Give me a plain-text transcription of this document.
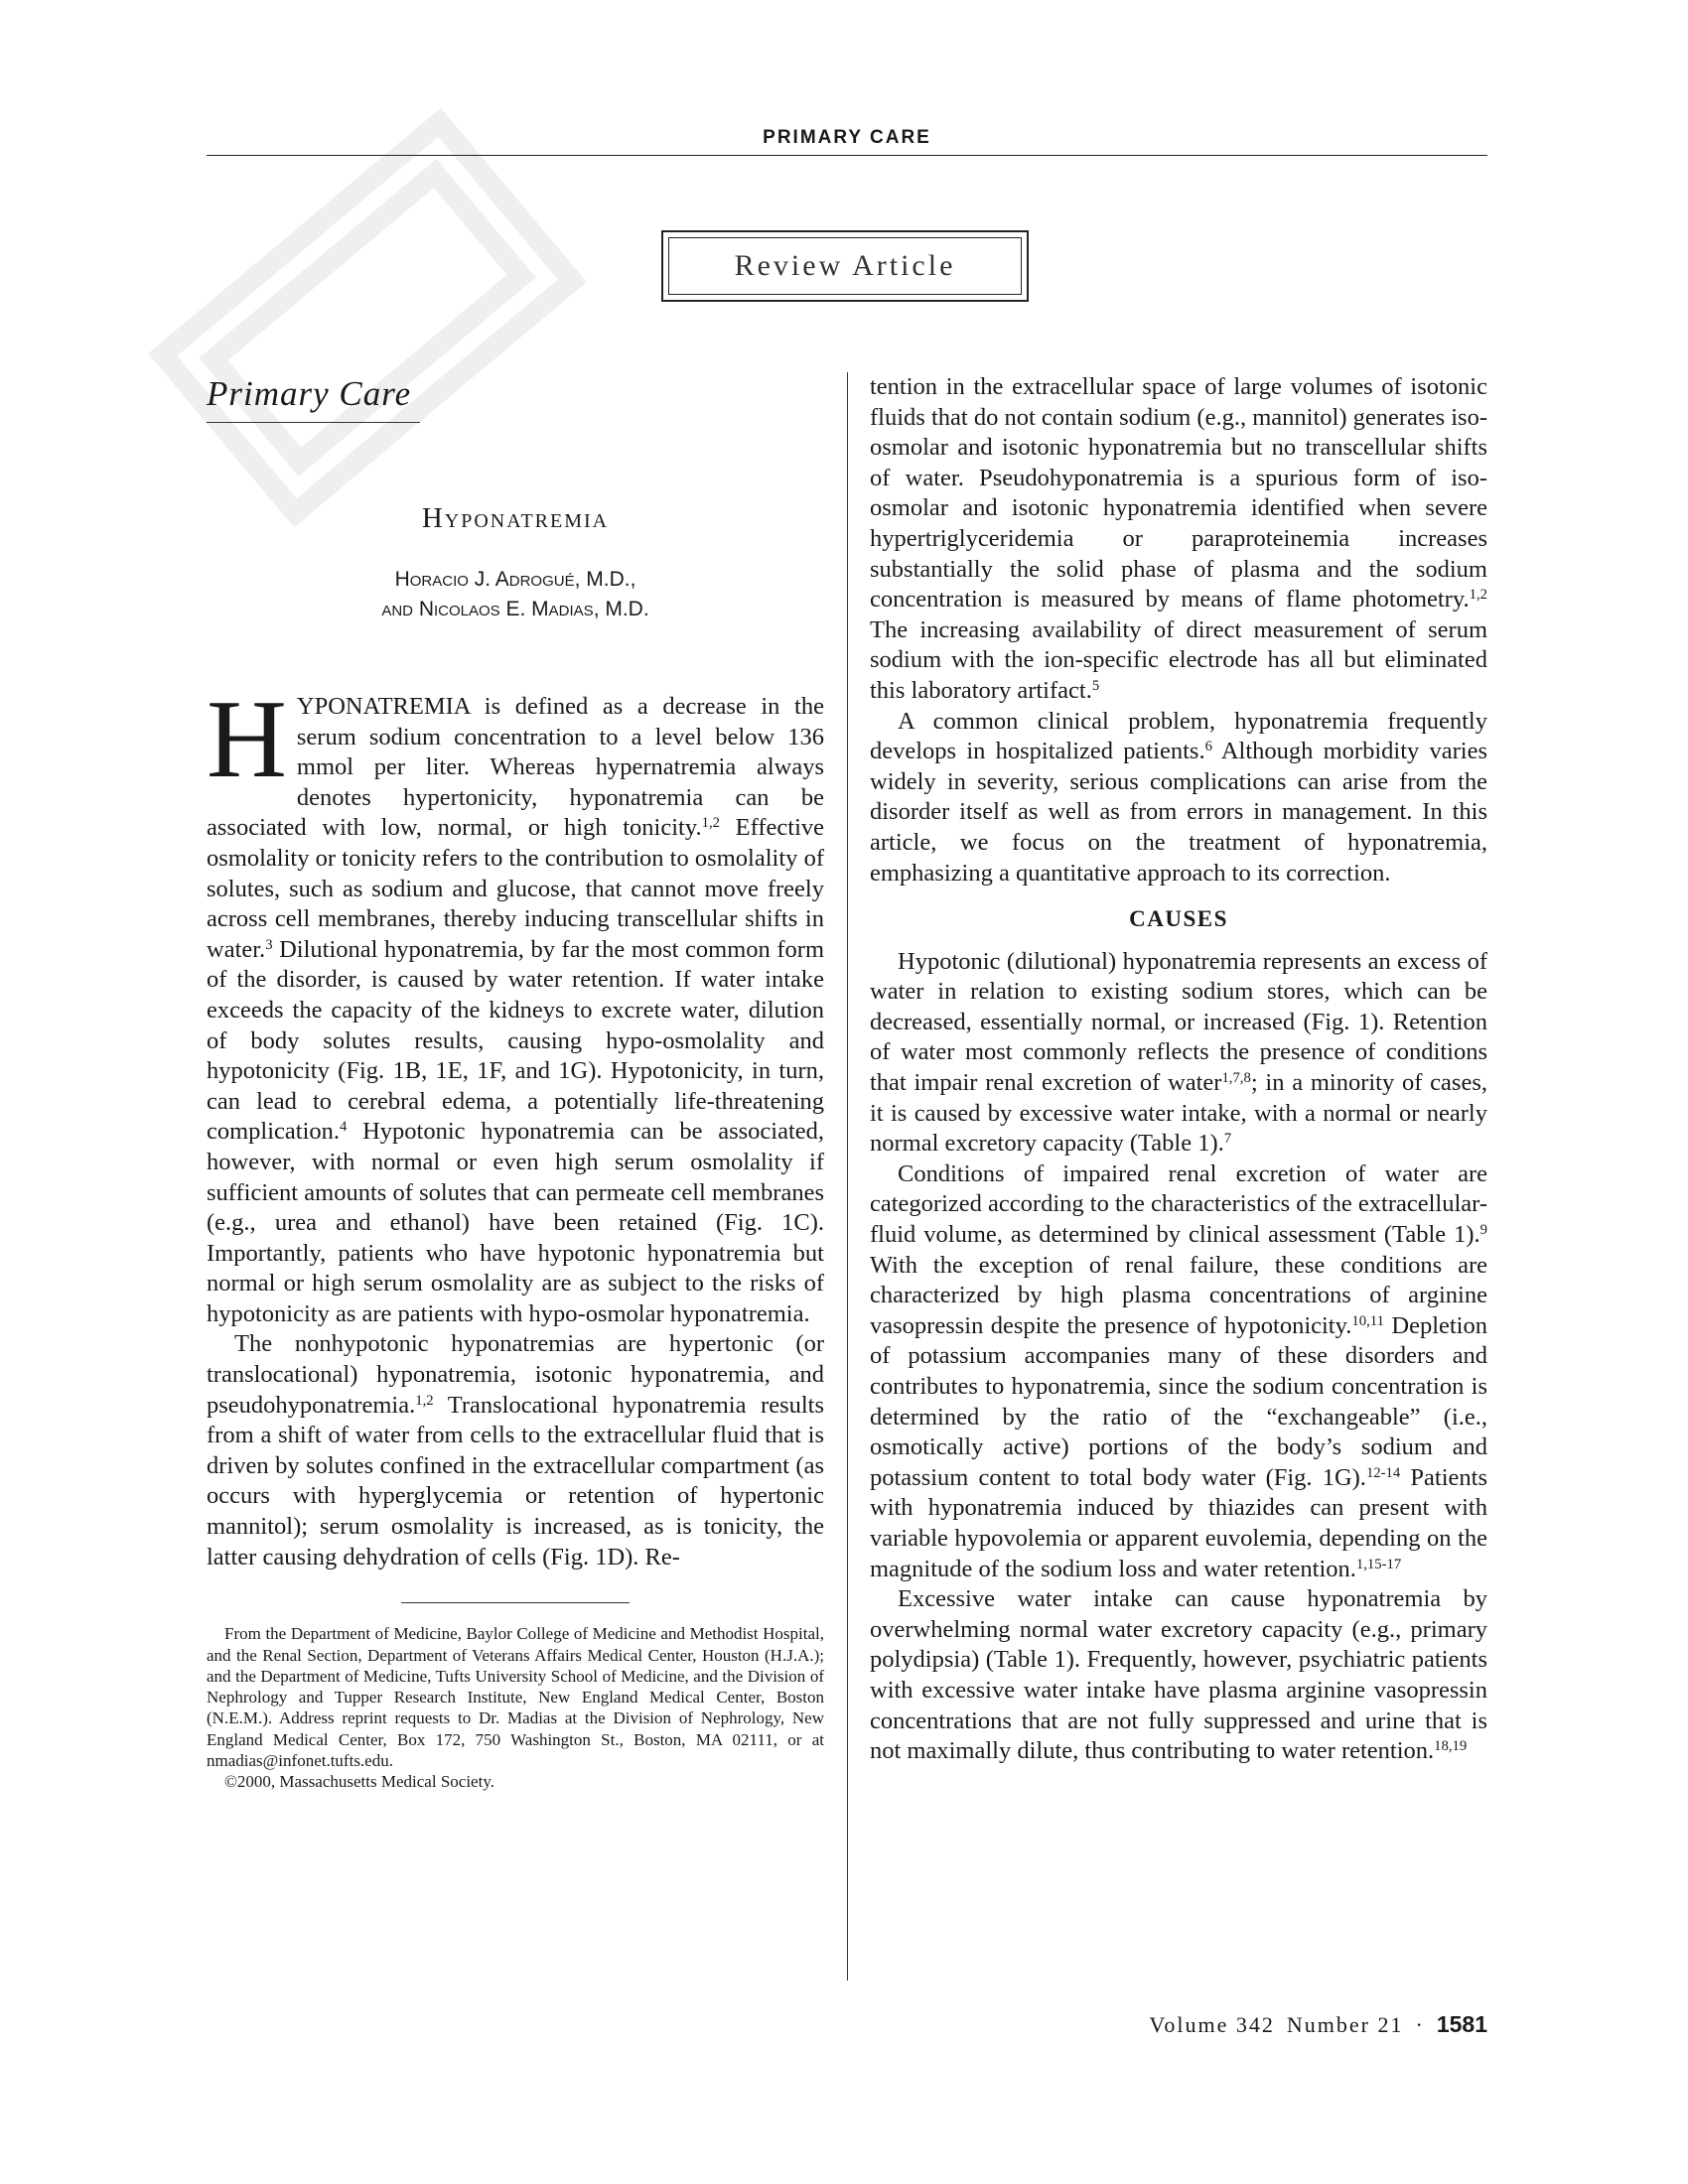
PRIMARY CARE
Review Article
Primary Care
Hyponatremia
Horacio J. Adrogué, M.D.,
and Nicolaos E. Madias, M.D.
H YPONATREMIA is defined as a decrease in the serum sodium concentration to a level below 136 mmol per liter. Whereas hypernatremia always denotes hypertonicity, hyponatremia can be associated with low, normal, or high tonicity.$^{1,2}$ Effective osmolality or tonicity refers to the contribution to osmolality of solutes, such as sodium and glucose, that cannot move freely across cell membranes, thereby inducing transcellular shifts in water.$^3$ Dilutional hyponatremia, by far the most common form of the disorder, is caused by water retention. If water intake exceeds the capacity of the kidneys to excrete water, dilution of body solutes results, causing hypo-osmolality and hypotonicity (Fig. 1B, 1E, 1F, and 1G). Hypotonicity, in turn, can lead to cerebral edema, a potentially life-threatening complication.$^4$ Hypotonic hyponatremia can be associated, however, with normal or even high serum osmolality if sufficient amounts of solutes that can permeate cell membranes (e.g., urea and ethanol) have been retained (Fig. 1C). Importantly, patients who have hypotonic hyponatremia but normal or high serum osmolality are as subject to the risks of hypotonicity as are patients with hypo-osmolar hyponatremia.

The nonhypotonic hyponatremias are hypertonic (or translocational) hyponatremia, isotonic hyponatremia, and pseudohyponatremia.$^{1,2}$ Translocational hyponatremia results from a shift of water from cells to the extracellular fluid that is driven by solutes confined in the extracellular compartment (as occurs with hyperglycemia or retention of hypertonic mannitol); serum osmolality is increased, as is tonicity, the latter causing dehydration of cells (Fig. 1D). Re-

From the Department of Medicine, Baylor College of Medicine and Methodist Hospital, and the Renal Section, Department of Veterans Affairs Medical Center, Houston (H.J.A.); and the Department of Medicine, Tufts University School of Medicine, and the Division of Nephrology and Tupper Research Institute, New England Medical Center, Boston (N.E.M.). Address reprint requests to Dr. Madias at the Division of Nephrology, New England Medical Center, Box 172, 750 Washington St., Boston, MA 02111, or at nmadias@infonet.tufts.edu.

©2000, Massachusetts Medical Society.

tention in the extracellular space of large volumes of isotonic fluids that do not contain sodium (e.g., mannitol) generates iso-osmolar and isotonic hyponatremia but no transcellular shifts of water. Pseudohyponatremia is a spurious form of iso-osmolar and isotonic hyponatremia identified when severe hypertriglyceridemia or paraproteinemia increases substantially the solid phase of plasma and the sodium concentration is measured by means of flame photometry.$^{1,2}$ The increasing availability of direct measurement of serum sodium with the ion-specific electrode has all but eliminated this laboratory artifact.$^5$

A common clinical problem, hyponatremia frequently develops in hospitalized patients.$^6$ Although morbidity varies widely in severity, serious complications can arise from the disorder itself as well as from errors in management. In this article, we focus on the treatment of hyponatremia, emphasizing a quantitative approach to its correction.

CAUSES

Hypotonic (dilutional) hyponatremia represents an excess of water in relation to existing sodium stores, which can be decreased, essentially normal, or increased (Fig. 1). Retention of water most commonly reflects the presence of conditions that impair renal excretion of water$^{1,7,8}$; in a minority of cases, it is caused by excessive water intake, with a normal or nearly normal excretory capacity (Table 1).$^7$

Conditions of impaired renal excretion of water are categorized according to the characteristics of the extracellular-fluid volume, as determined by clinical assessment (Table 1).$^9$ With the exception of renal failure, these conditions are characterized by high plasma concentrations of arginine vasopressin despite the presence of hypotonicity.$^{10,11}$ Depletion of potassium accompanies many of these disorders and contributes to hyponatremia, since the sodium concentration is determined by the ratio of the “exchangeable” (i.e., osmotically active) portions of the body’s sodium and potassium content to total body water (Fig. 1G).$^{12-14}$ Patients with hyponatremia induced by thiazides can present with variable hypovolemia or apparent euvolemia, depending on the magnitude of the sodium loss and water retention.$^{1,15-17}$

Excessive water intake can cause hyponatremia by overwhelming normal water excretory capacity (e.g., primary polydipsia) (Table 1). Frequently, however, psychiatric patients with excessive water intake have plasma arginine vasopressin concentrations that are not fully suppressed and urine that is not maximally dilute, thus contributing to water retention.$^{18,19}$

Volume 342 Number 21 · 1581
